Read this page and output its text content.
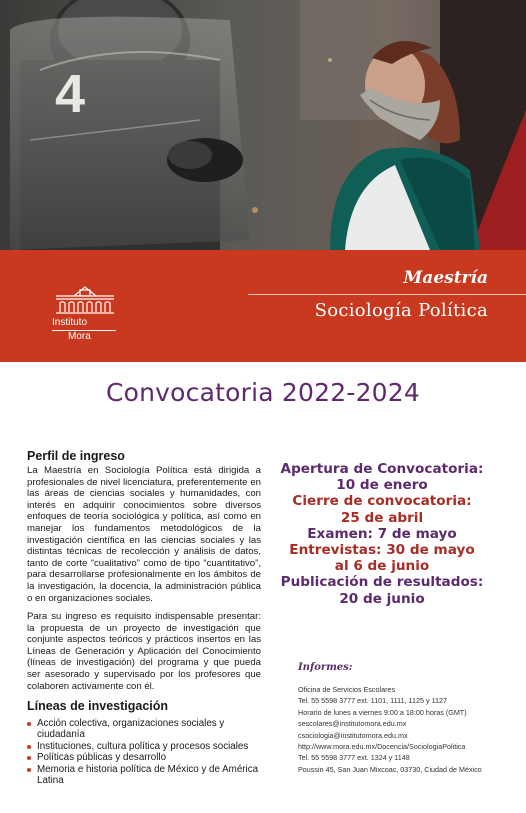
4
Instituto
Mora
Maestría
Sociología Política
Convocatoria 2022-2024
Perfil de ingreso

La Maestría en Sociología Política está dirigida a profesionales de nivel licenciatura, preferentemente en las áreas de ciencias sociales y humanidades, con interés en adquirir conocimientos sobre diversos enfoques de teoría sociológica y política, así como en manejar los fundamentos metodológicos de la investigación científica en las ciencias sociales y las distintas técnicas de recolección y análisis de datos, tanto de corte “cualitativo” como de tipo “cuantitativo”, para desarrollarse profesionalmente en los ámbitos de la investigación, la docencia, la administración pública o en organizaciones sociales.

Para su ingreso es requisito indispensable presentar: la propuesta de un proyecto de investigación que conjunte aspectos teóricos y prácticos insertos en las Líneas de Generación y Aplicación del Conocimiento (líneas de investigación) del programa y que pueda ser asesorado y supervisado por los profesores que colaboren activamente con él.

Líneas de investigación
Acción colectiva, organizaciones sociales y ciudadanía
Instituciones, cultura política y procesos sociales
Políticas públicas y desarrollo
Memoria e historia política de México y de América Latina
Apertura de Convocatoria:
10 de enero
Cierre de convocatoria:
25 de abril
Examen: 7 de mayo
Entrevistas: 30 de mayo
al 6 de junio
Publicación de resultados:
20 de junio
Informes:
Oficina de Servicios Escolares
Tel. 55 5598 3777 ext. 1101, 1111, 1125 y 1127
Horario de lunes a viernes 9:00 a 18:00 horas (GMT)
sescolares@institutomora.edu.mx
csociologia@institutomora.edu.mx
http://www.mora.edu.mx/Docencia/SociologiaPolitica
Tel. 55 5598 3777 ext. 1324 y 1148
Poussin 45, San Juan Mixcoac, 03730, Ciudad de México
